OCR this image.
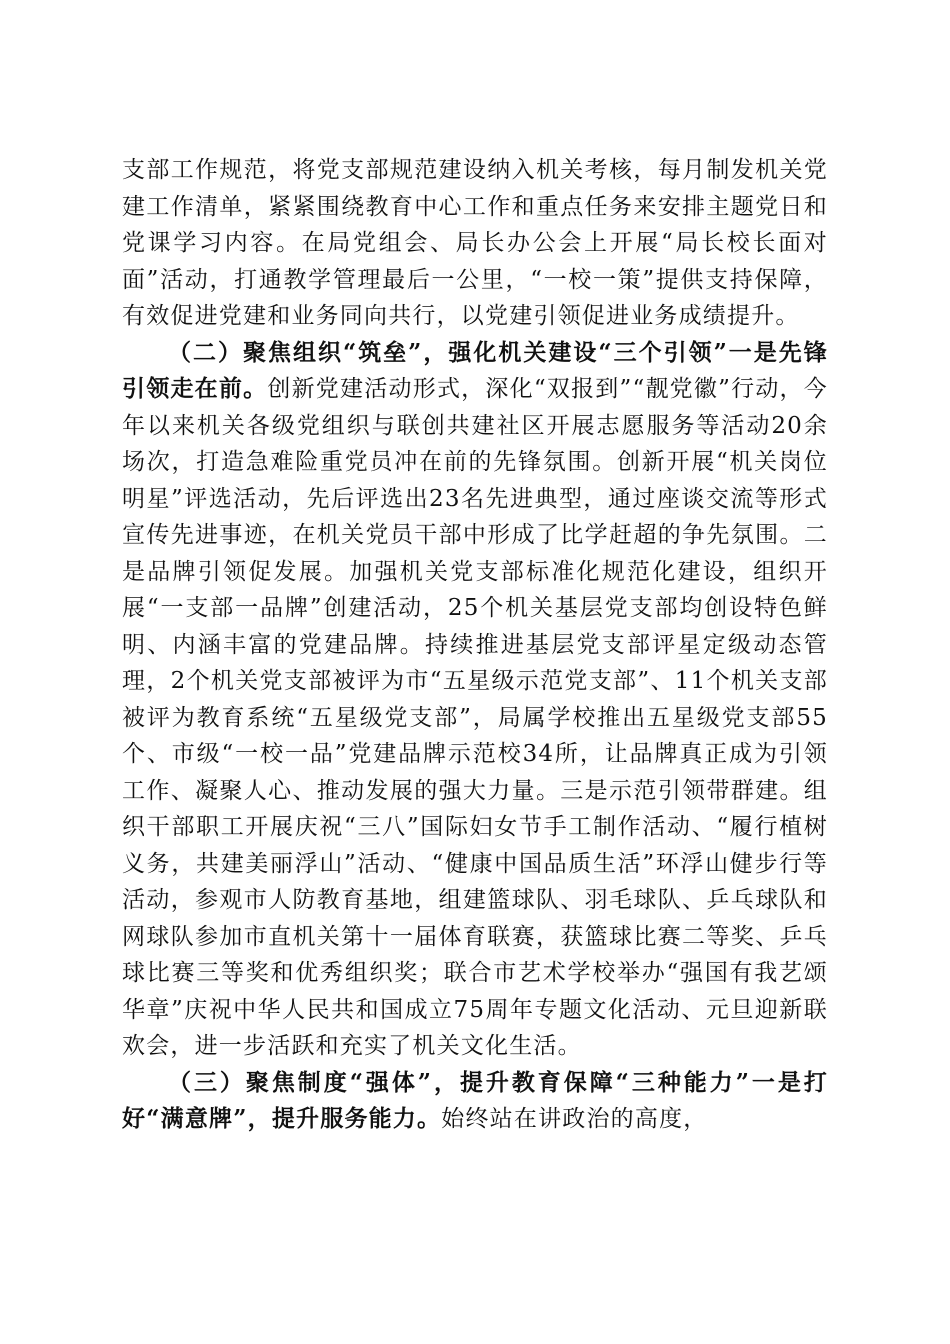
支部工作规范，将党支部规范建设纳入机关考核，每月制发机关党建工作清单，紧紧围绕教育中心工作和重点任务来安排主题党日和党课学习内容。在局党组会、局长办公会上开展“局长校长面对面”活动，打通教学管理最后一公里，“一校一策”提供支持保障，有效促进党建和业务同向共行，以党建引领促进业务成绩提升。

（二）聚焦组织“筑垒”，强化机关建设“三个引领”一是先锋引领走在前。创新党建活动形式，深化“双报到”“靓党徽”行动，今年以来机关各级党组织与联创共建社区开展志愿服务等活动20余场次，打造急难险重党员冲在前的先锋氛围。创新开展“机关岗位明星”评选活动，先后评选出23名先进典型，通过座谈交流等形式宣传先进事迹，在机关党员干部中形成了比学赶超的争先氛围。二是品牌引领促发展。加强机关党支部标准化规范化建设，组织开展“一支部一品牌”创建活动，25个机关基层党支部均创设特色鲜明、内涵丰富的党建品牌。持续推进基层党支部评星定级动态管理，2个机关党支部被评为市“五星级示范党支部”、11个机关支部被评为教育系统“五星级党支部”，局属学校推出五星级党支部55个、市级“一校一品”党建品牌示范校34所，让品牌真正成为引领工作、凝聚人心、推动发展的强大力量。三是示范引领带群建。组织干部职工开展庆祝“三八”国际妇女节手工制作活动、“履行植树义务，共建美丽浮山”活动、“健康中国品质生活”环浮山健步行等活动，参观市人防教育基地，组建篮球队、羽毛球队、乒乓球队和网球队参加市直机关第十一届体育联赛，获篮球比赛二等奖、乒乓球比赛三等奖和优秀组织奖；联合市艺术学校举办“强国有我艺颂华章”庆祝中华人民共和国成立75周年专题文化活动、元旦迎新联欢会，进一步活跃和充实了机关文化生活。

（三）聚焦制度“强体”，提升教育保障“三种能力”一是打好“满意牌”，提升服务能力。始终站在讲政治的高度，
